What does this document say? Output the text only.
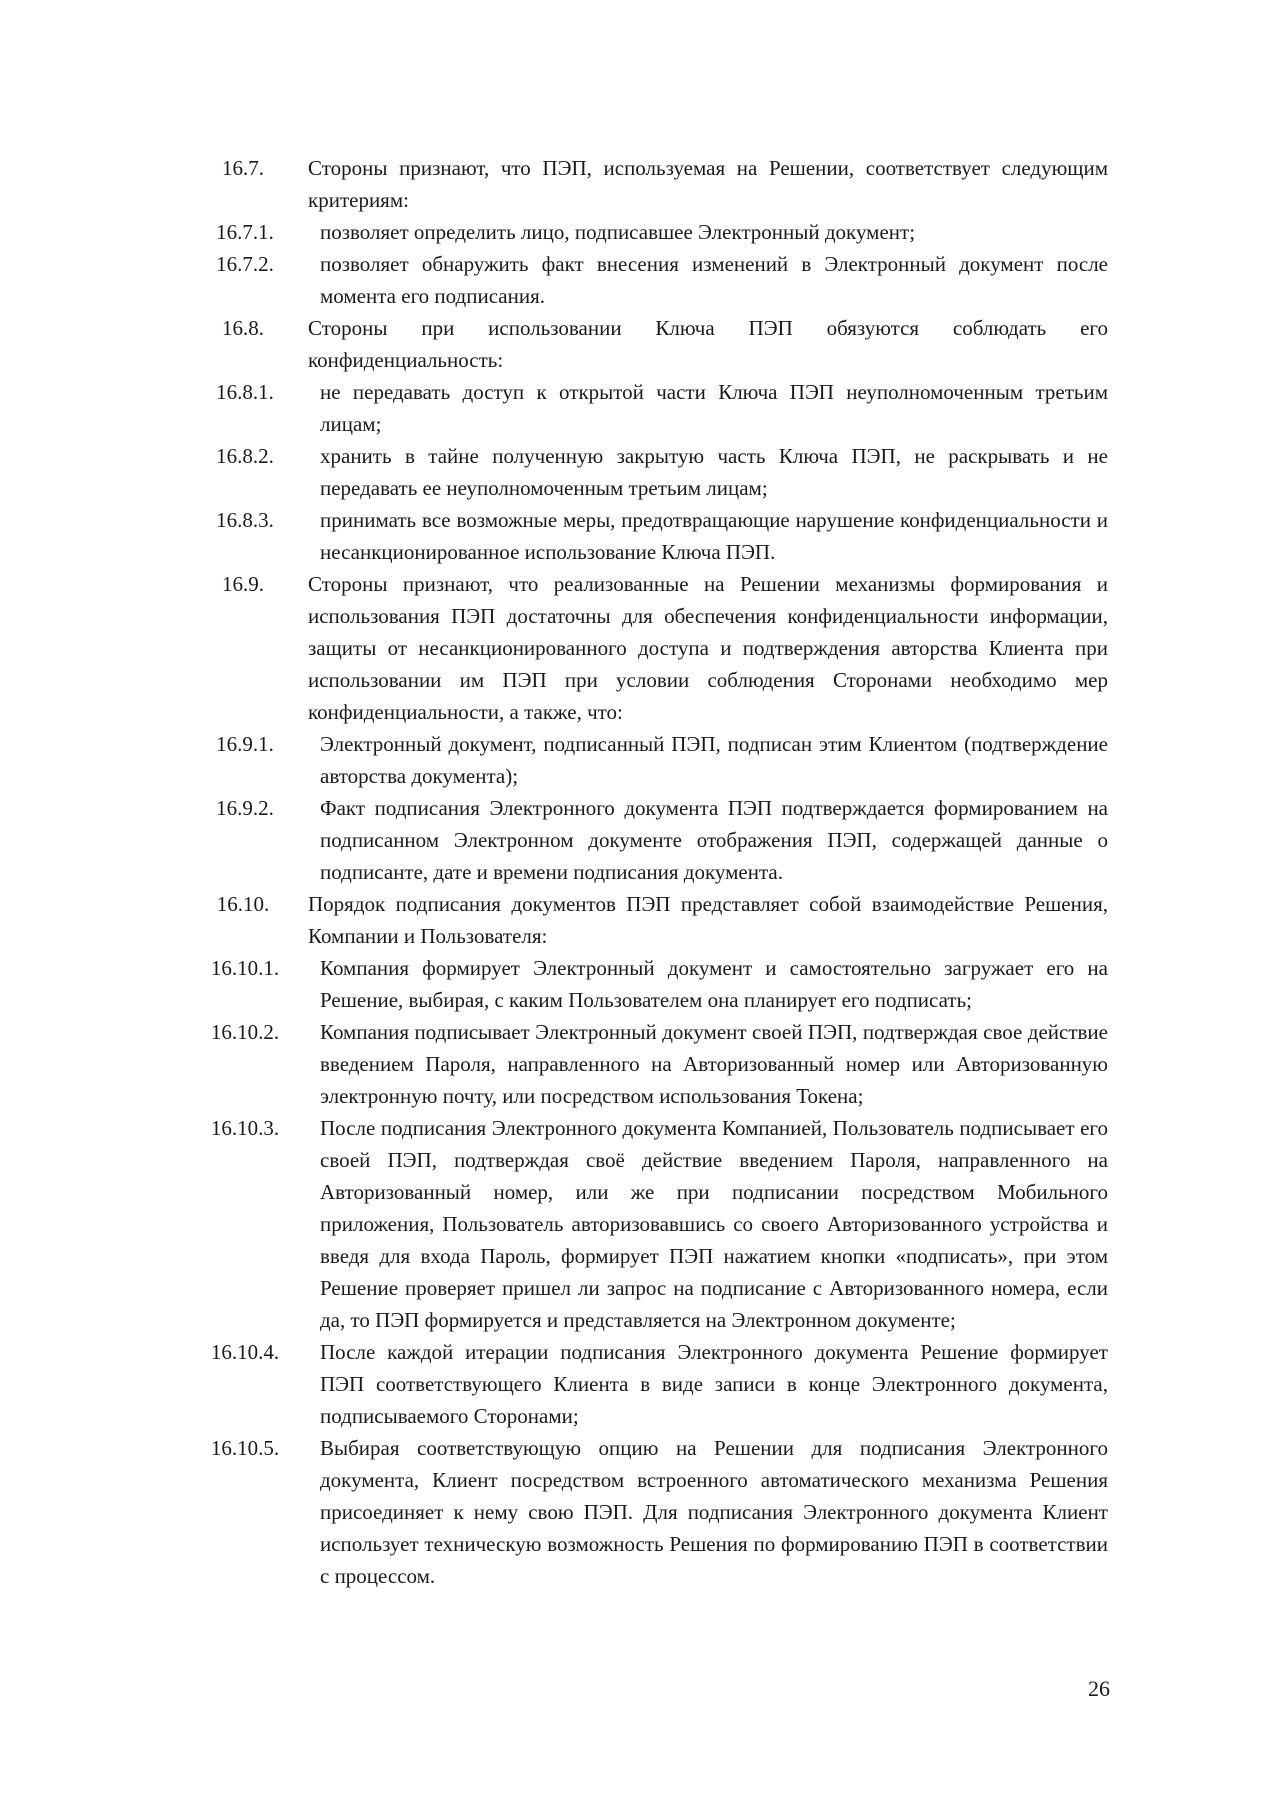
16.7.	Стороны признают, что ПЭП, используемая на Решении, соответствует следующим критериям:
16.7.1.	позволяет определить лицо, подписавшее Электронный документ;
16.7.2.	позволяет обнаружить факт внесения изменений в Электронный документ после момента его подписания.
16.8.	Стороны при использовании Ключа ПЭП обязуются соблюдать его конфиденциальность:
16.8.1.	не передавать доступ к открытой части Ключа ПЭП неуполномоченным третьим лицам;
16.8.2.	хранить в тайне полученную закрытую часть Ключа ПЭП, не раскрывать и не передавать ее неуполномоченным третьим лицам;
16.8.3.	принимать все возможные меры, предотвращающие нарушение конфиденциальности и несанкционированное использование Ключа ПЭП.
16.9.	Стороны признают, что реализованные на Решении механизмы формирования и использования ПЭП достаточны для обеспечения конфиденциальности информации, защиты от несанкционированного доступа и подтверждения авторства Клиента при использовании им ПЭП при условии соблюдения Сторонами необходимо мер конфиденциальности, а также, что:
16.9.1.	Электронный документ, подписанный ПЭП, подписан этим Клиентом (подтверждение авторства документа);
16.9.2.	Факт подписания Электронного документа ПЭП подтверждается формированием на подписанном Электронном документе отображения ПЭП, содержащей данные о подписанте, дате и времени подписания документа.
16.10.	Порядок подписания документов ПЭП представляет собой взаимодействие Решения, Компании и Пользователя:
16.10.1.	Компания формирует Электронный документ и самостоятельно загружает его на Решение, выбирая, с каким Пользователем она планирует его подписать;
16.10.2.	Компания подписывает Электронный документ своей ПЭП, подтверждая свое действие введением Пароля, направленного на Авторизованный номер или Авторизованную электронную почту, или посредством использования Токена;
16.10.3.	После подписания Электронного документа Компанией, Пользователь подписывает его своей ПЭП, подтверждая своё действие введением Пароля, направленного на Авторизованный номер, или же при подписании посредством Мобильного приложения, Пользователь авторизовавшись со своего Авторизованного устройства и введя для входа Пароль, формирует ПЭП нажатием кнопки «подписать», при этом Решение проверяет пришел ли запрос на подписание с Авторизованного номера, если да, то ПЭП формируется и представляется на Электронном документе;
16.10.4.	После каждой итерации подписания Электронного документа Решение формирует ПЭП соответствующего Клиента в виде записи в конце Электронного документа, подписываемого Сторонами;
16.10.5.	Выбирая соответствующую опцию на Решении для подписания Электронного документа, Клиент посредством встроенного автоматического механизма Решения присоединяет к нему свою ПЭП. Для подписания Электронного документа Клиент использует техническую возможность Решения по формированию ПЭП в соответствии с процессом.
26
